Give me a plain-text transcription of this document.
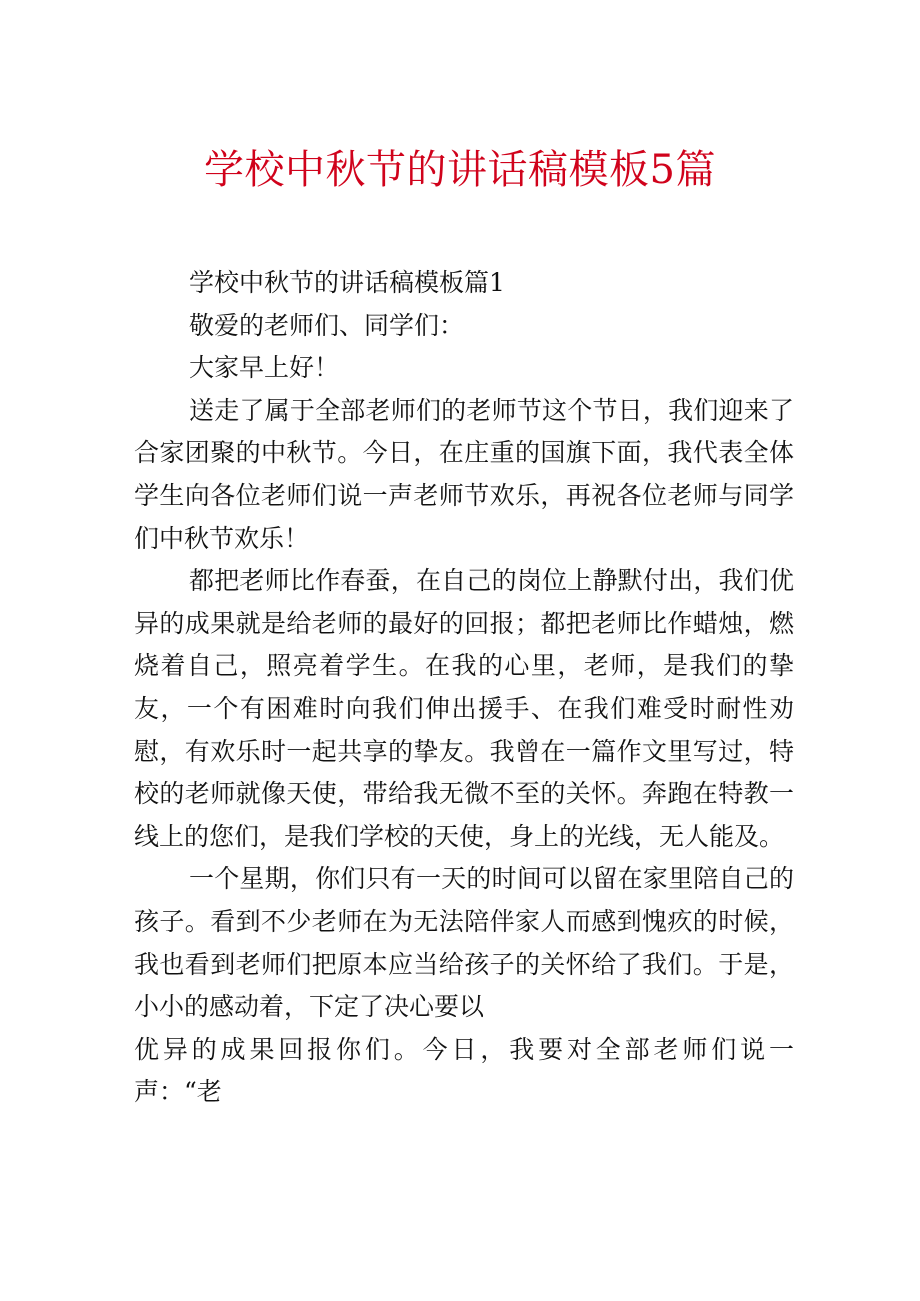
学校中秋节的讲话稿模板5篇

学校中秋节的讲话稿模板篇1

敬爱的老师们、同学们：

大家早上好！

送走了属于全部老师们的老师节这个节日，我们迎来了合家团聚的中秋节。今日，在庄重的国旗下面，我代表全体学生向各位老师们说一声老师节欢乐，再祝各位老师与同学们中秋节欢乐！

都把老师比作春蚕，在自己的岗位上静默付出，我们优异的成果就是给老师的最好的回报；都把老师比作蜡烛，燃烧着自己，照亮着学生。在我的心里，老师，是我们的挚友，一个有困难时向我们伸出援手、在我们难受时耐性劝慰，有欢乐时一起共享的挚友。我曾在一篇作文里写过，特校的老师就像天使，带给我无微不至的关怀。奔跑在特教一线上的您们，是我们学校的天使，身上的光线，无人能及。

一个星期，你们只有一天的时间可以留在家里陪自己的孩子。看到不少老师在为无法陪伴家人而感到愧疚的时候，我也看到老师们把原本应当给孩子的关怀给了我们。于是，小小的感动着，下定了决心要以

优异的成果回报你们。今日，我要对全部老师们说一声：“老
